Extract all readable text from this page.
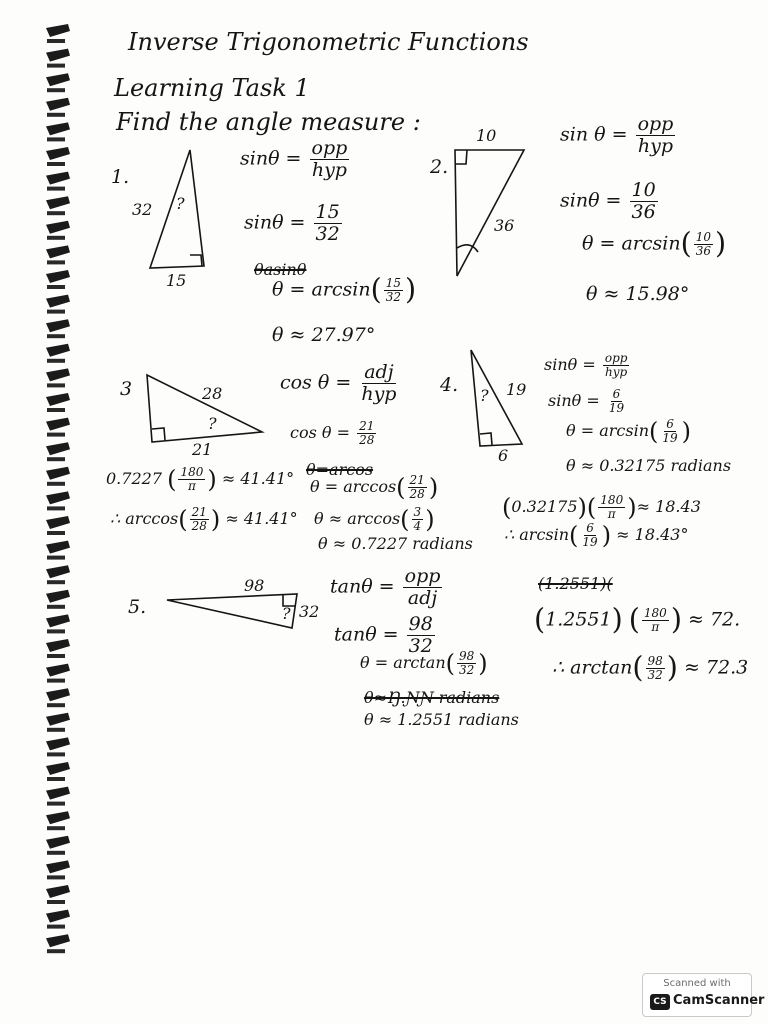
Inverse Trigonometric Functions
Learning Task 1
Find the angle measure :
1.
32 ?
15
$\sin\theta = \frac{\text{opp}}{\text{hyp}}$
$\sin\theta = \frac{15}{32}$
θasinθ
$\theta = \arcsin( \frac{15}{32}$ )
θ ≈ 27.97°
2.
10
36
$\sin \theta = \frac{\text{opp}}{\text{hyp}}$
$\sin\theta = \frac{10}{36}$
$\theta = \arcsin( \frac{10}{36}$ )
θ ≈ 15.98°
3	28
?
21
$\cos \theta = \frac{\text{adj}}{\text{hyp}}$
$\cos \theta = \frac{21}{28}$
θ=arcos
$\theta = \arccos( \frac{21}{28}$ )
$\theta \approx \arccos( \frac{3}{4}$ )
θ ≈ 0.7227 radians
0.7227 ( $\frac{180}{\pi}$ ) ≈ 41.41°
∴ $\arccos( \frac{21}{28}$ ) ≈ 41.41°
4.	19
?
6
$\sin\theta = \frac{\text{opp}}{\text{hyp}}$
$\sin\theta = \frac{6}{19}$
$\theta = \arcsin( \frac{6}{19}$ )
θ ≈ 0.32175 radians
$(0.32175)( \frac{180}{\pi}$ )≈ 18.43
∴ $\arcsin( \frac{6}{19}$ ) ≈ 18.43°
5.
98
32
?
$\tan\theta = \frac{\text{opp}}{\text{adj}}$
$\tan\theta = \frac{98}{32}$
$\theta = \arctan( \frac{98}{32}$ )
θ≈Ŋ.ƝƝ radians
θ ≈ 1.2551 radians
(1.2551)(
(1.2551) ( $\frac{180}{\pi}$ ) ≈ 72.
∴ $\arctan( \frac{98}{32}$ ) ≈ 72.3
Scanned with
CS CamScanner
